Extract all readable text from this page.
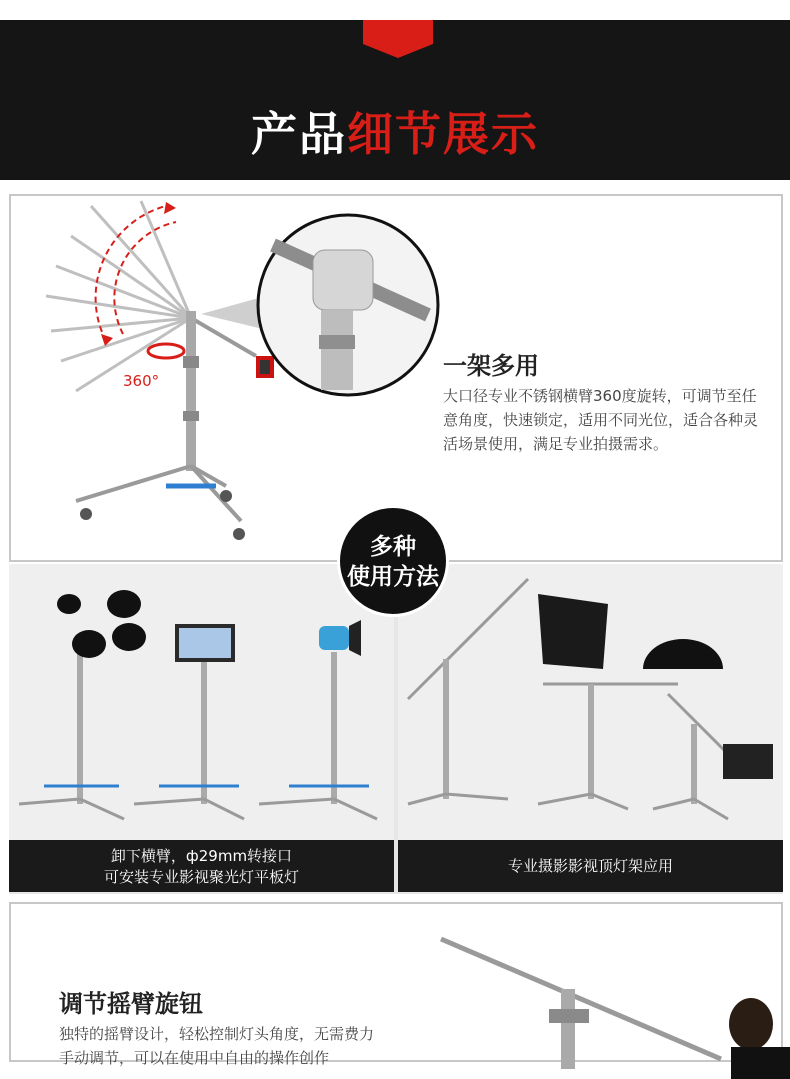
产品细节展示
360°
一架多用
大口径专业不锈钢横臂360度旋转，可调节至任意角度，快速锁定，适用不同光位，适合各种灵活场景使用，满足专业拍摄需求。
卸下横臂，ф29mm转接口
可安装专业影视聚光灯平板灯
专业摄影影视顶灯架应用
多种
使用方法
调节摇臂旋钮
独特的摇臂设计，轻松控制灯头角度，无需费力
手动调节，可以在使用中自由的操作创作
